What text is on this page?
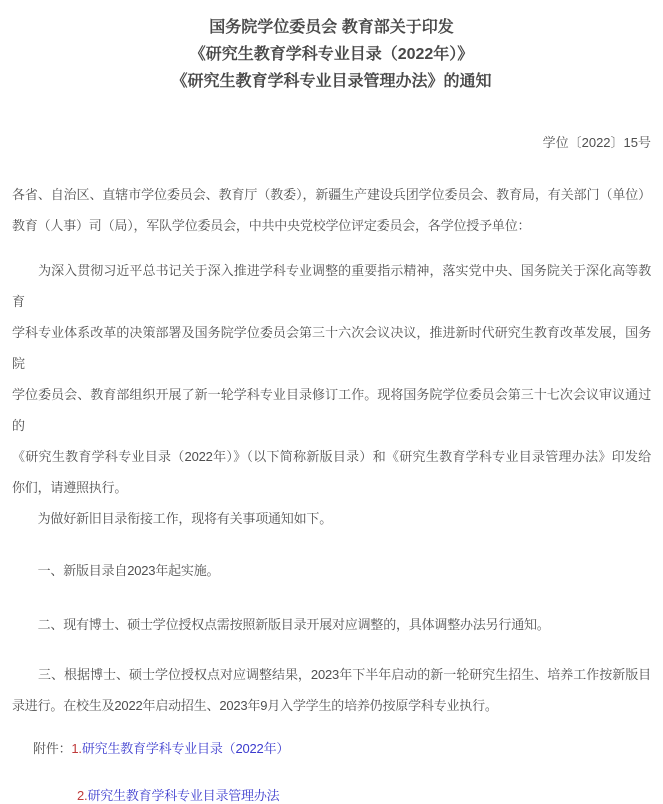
国务院学位委员会 教育部关于印发
《研究生教育学科专业目录（2022年）》
《研究生教育学科专业目录管理办法》的通知
学位〔2022〕15号
各省、自治区、直辖市学位委员会、教育厅（教委），新疆生产建设兵团学位委员会、教育局，有关部门（单位）
教育（人事）司（局），军队学位委员会，中共中央党校学位评定委员会，各学位授予单位：
　　为深入贯彻习近平总书记关于深入推进学科专业调整的重要指示精神，落实党中央、国务院关于深化高等教育
学科专业体系改革的决策部署及国务院学位委员会第三十六次会议决议，推进新时代研究生教育改革发展，国务院
学位委员会、教育部组织开展了新一轮学科专业目录修订工作。现将国务院学位委员会第三十七次会议审议通过的
《研究生教育学科专业目录（2022年）》（以下简称新版目录）和《研究生教育学科专业目录管理办法》印发给
你们，请遵照执行。
　　为做好新旧目录衔接工作，现将有关事项通知如下。
　　一、新版目录自2023年起实施。
　　二、现有博士、硕士学位授权点需按照新版目录开展对应调整的，具体调整办法另行通知。
　　三、根据博士、硕士学位授权点对应调整结果，2023年下半年启动的新一轮研究生招生、培养工作按新版目
录进行。在校生及2022年启动招生、2023年9月入学学生的培养仍按原学科专业执行。
附件：1.研究生教育学科专业目录（2022年）
2.研究生教育学科专业目录管理办法
